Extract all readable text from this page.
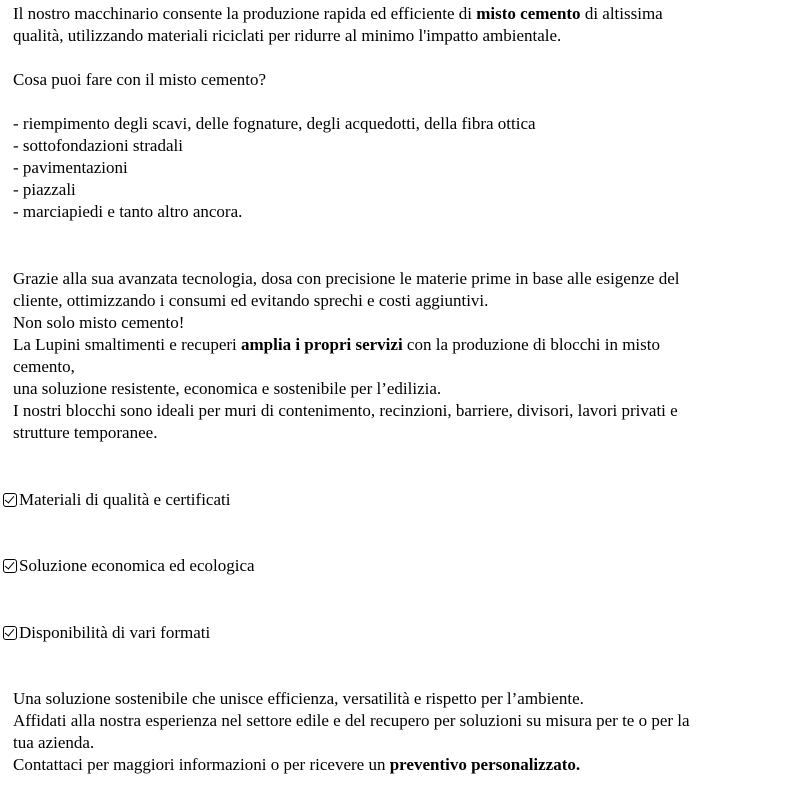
Il nostro macchinario consente la produzione rapida ed efficiente di misto cemento di altissima
qualità, utilizzando materiali riciclati per ridurre al minimo l'impatto ambientale.
Cosa puoi fare con il misto cemento?
- riempimento degli scavi, delle fognature, degli acquedotti, della fibra ottica
- sottofondazioni stradali
- pavimentazioni
- piazzali
- marciapiedi e tanto altro ancora.
Grazie alla sua avanzata tecnologia, dosa con precisione le materie prime in base alle esigenze del
cliente, ottimizzando i consumi ed evitando sprechi e costi aggiuntivi.
Non solo misto cemento!
La Lupini smaltimenti e recuperi amplia i propri servizi con la produzione di blocchi in misto
cemento,
una soluzione resistente, economica e sostenibile per l’edilizia.
I nostri blocchi sono ideali per muri di contenimento, recinzioni, barriere, divisori, lavori privati e
strutture temporanee.
Materiali di qualità e certificati
Soluzione economica ed ecologica
Disponibilità di vari formati
Una soluzione sostenibile che unisce efficienza, versatilità e rispetto per l’ambiente.
Affidati alla nostra esperienza nel settore edile e del recupero per soluzioni su misura per te o per la
tua azienda.
Contattaci per maggiori informazioni o per ricevere un preventivo personalizzato.
